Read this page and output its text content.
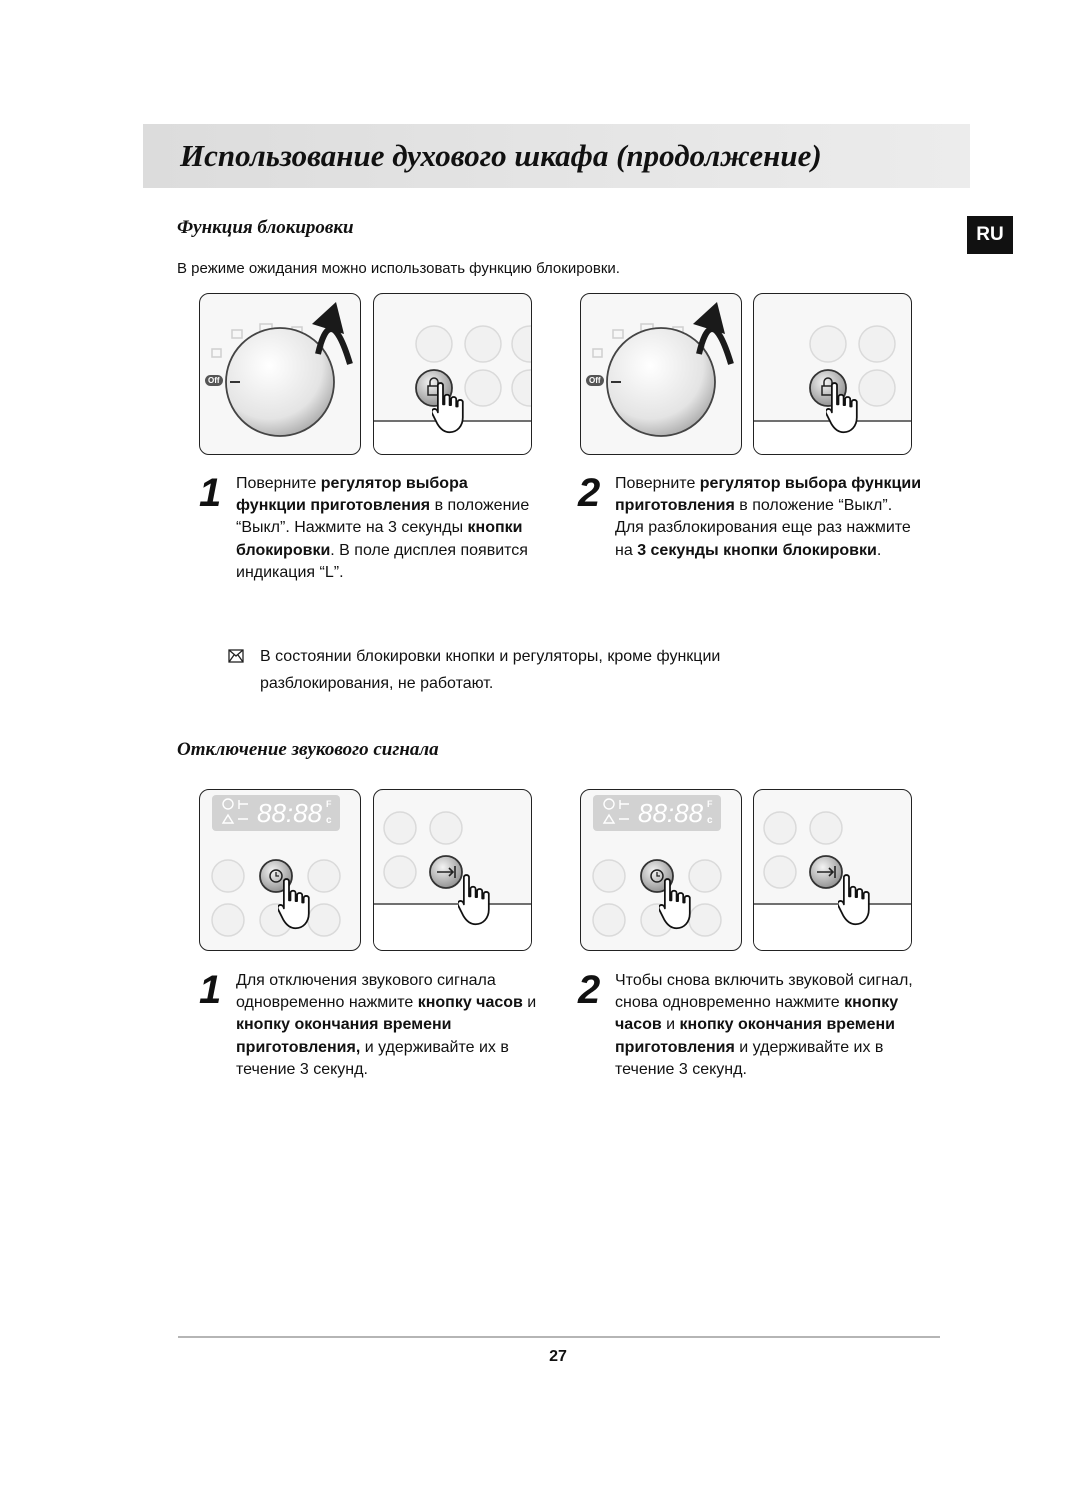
Использование духового шкафа (продолжение)
RU
Функция блокировки
В режиме ожидания можно использовать функцию блокировки.
Off	Off
1 Поверните регулятор выбора функции приготовления в положение “Выкл”. Нажмите на 3 секунды кнопки блокировки. В поле дисплея появится индикация “L”.
2 Поверните регулятор выбора функции приготовления в положение “Выкл”. Для разблокирования еще раз нажмите на 3 секунды кнопки блокировки.
В состоянии блокировки кнопки и регуляторы, кроме функции разблокирования, не работают.
Отключение звукового сигнала
88:88 F
c	88:88 F
c
1 Для отключения звукового сигнала одновременно нажмите кнопку часов и кнопку окончания времени приготовления, и удерживайте их в течение 3 секунд.
2 Чтобы снова включить звуковой сигнал, снова одновременно нажмите кнопку часов и кнопку окончания времени приготовления и удерживайте их в течение 3 секунд.
27
